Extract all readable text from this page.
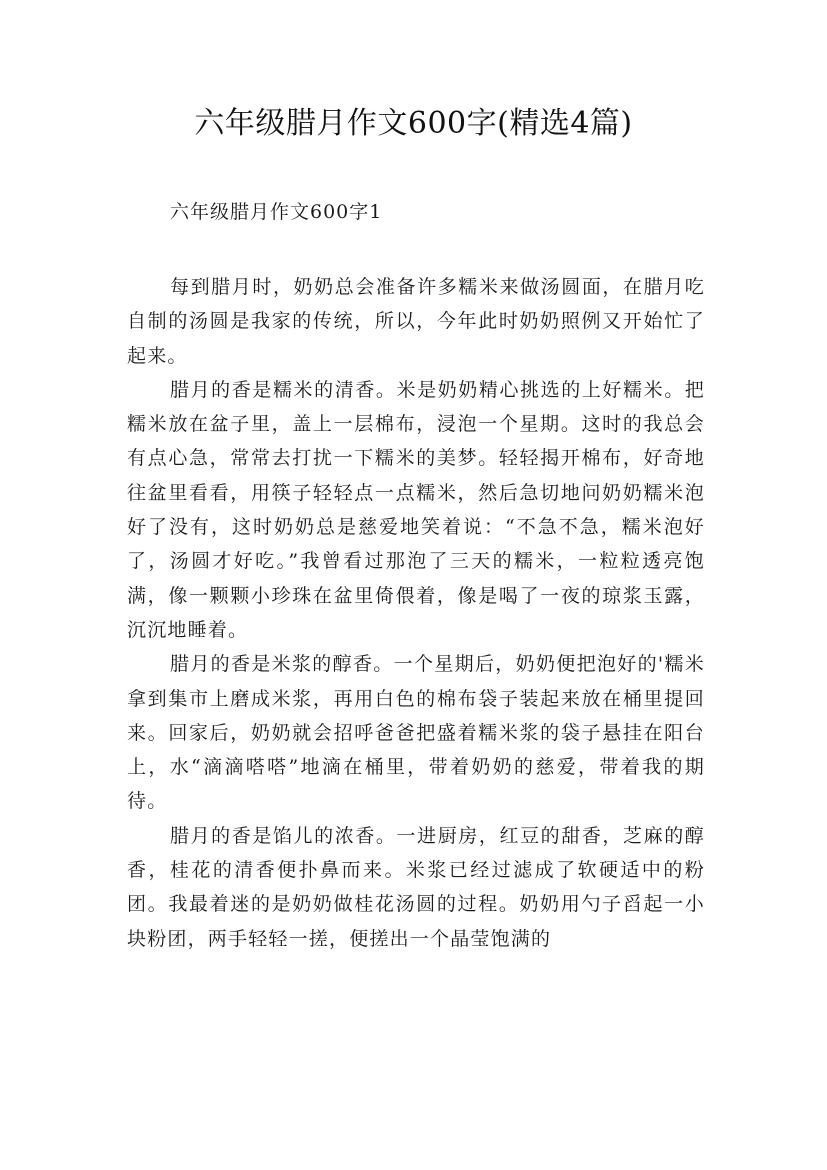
六年级腊月作文600字(精选4篇)
六年级腊月作文600字1

每到腊月时，奶奶总会准备许多糯米来做汤圆面，在腊月吃自制的汤圆是我家的传统，所以，今年此时奶奶照例又开始忙了起来。

腊月的香是糯米的清香。米是奶奶精心挑选的上好糯米。把糯米放在盆子里，盖上一层棉布，浸泡一个星期。这时的我总会有点心急，常常去打扰一下糯米的美梦。轻轻揭开棉布，好奇地往盆里看看，用筷子轻轻点一点糯米，然后急切地问奶奶糯米泡好了没有，这时奶奶总是慈爱地笑着说：“不急不急，糯米泡好了，汤圆才好吃。”我曾看过那泡了三天的糯米，一粒粒透亮饱满，像一颗颗小珍珠在盆里倚偎着，像是喝了一夜的琼浆玉露，沉沉地睡着。

腊月的香是米浆的醇香。一个星期后，奶奶便把泡好的'糯米拿到集市上磨成米浆，再用白色的棉布袋子装起来放在桶里提回来。回家后，奶奶就会招呼爸爸把盛着糯米浆的袋子悬挂在阳台上，水“滴滴嗒嗒”地滴在桶里，带着奶奶的慈爱，带着我的期待。

腊月的香是馅儿的浓香。一进厨房，红豆的甜香，芝麻的醇香，桂花的清香便扑鼻而来。米浆已经过滤成了软硬适中的粉团。我最着迷的是奶奶做桂花汤圆的过程。奶奶用勺子舀起一小块粉团，两手轻轻一搓，便搓出一个晶莹饱满的
